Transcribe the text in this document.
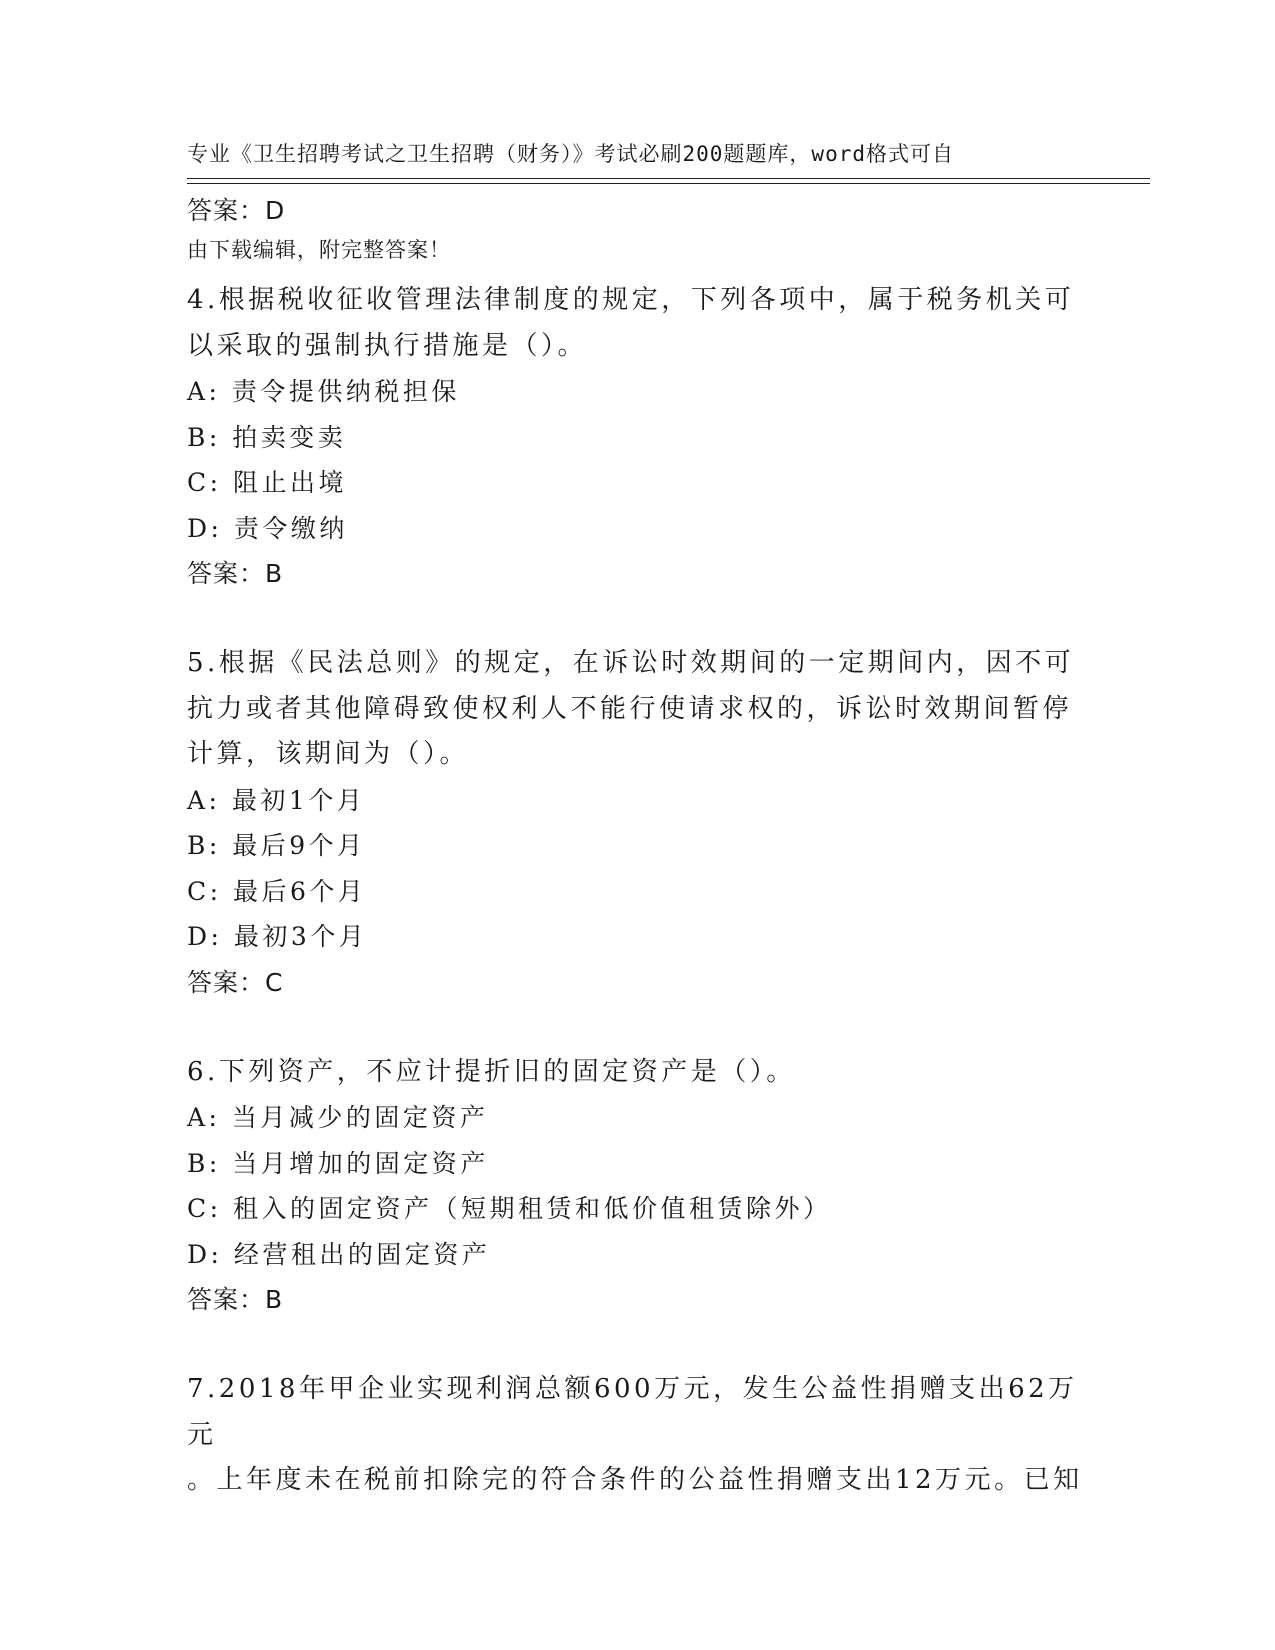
专业《卫生招聘考试之卫生招聘（财务）》考试必刷200题题库，word格式可自

由下载编辑，附完整答案！

答案：D

4.根据税收征收管理法律制度的规定，下列各项中，属于税务机关可

以采取的强制执行措施是（）。

A: 责令提供纳税担保

B: 拍卖变卖

C: 阻止出境

D: 责令缴纳

答案：B

5.根据《民法总则》的规定，在诉讼时效期间的一定期间内，因不可

抗力或者其他障碍致使权利人不能行使请求权的，诉讼时效期间暂停

计算，该期间为（）。

A: 最初1个月

B: 最后9个月

C: 最后6个月

D: 最初3个月

答案：C

6.下列资产，不应计提折旧的固定资产是（）。

A: 当月减少的固定资产

B: 当月增加的固定资产

C: 租入的固定资产（短期租赁和低价值租赁除外）

D: 经营租出的固定资产

答案：B

7.2018年甲企业实现利润总额600万元，发生公益性捐赠支出62万元

。上年度未在税前扣除完的符合条件的公益性捐赠支出12万元。已知
